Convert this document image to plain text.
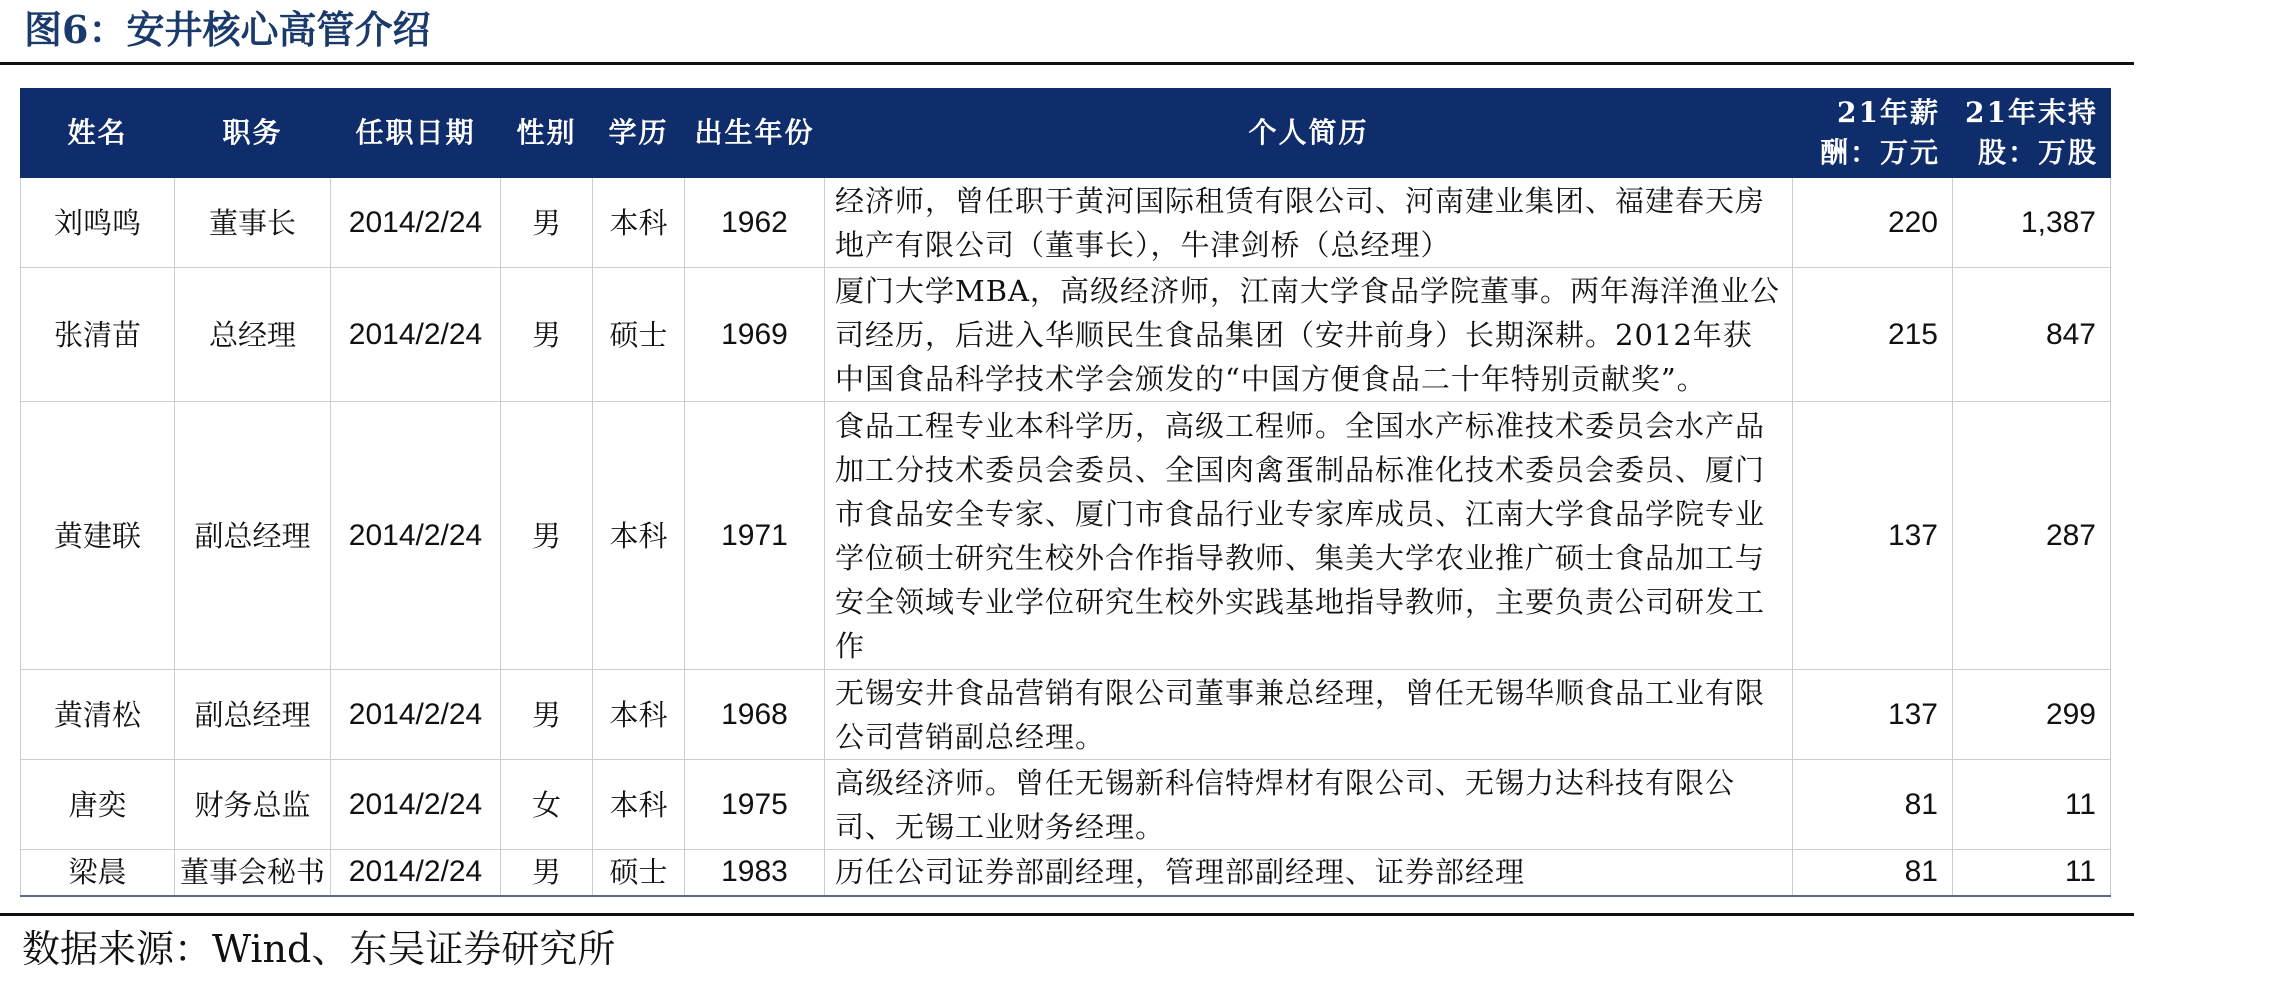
图6：安井核心高管介绍
姓名	职务	任职日期	性别	学历	出生年份	个人简历	21年薪酬：万元	21年末持股：万股
刘鸣鸣	董事长	2014/2/24	男	本科	1962	经济师，曾任职于黄河国际租赁有限公司、河南建业集团、福建春天房地产有限公司（董事长），牛津剑桥（总经理）	220	1,387
张清苗	总经理	2014/2/24	男	硕士	1969	厦门大学MBA，高级经济师，江南大学食品学院董事。两年海洋渔业公司经历，后进入华顺民生食品集团（安井前身）长期深耕。2012年获中国食品科学技术学会颁发的“中国方便食品二十年特别贡献奖”。	215	847
黄建联	副总经理	2014/2/24	男	本科	1971	食品工程专业本科学历，高级工程师。全国水产标准技术委员会水产品加工分技术委员会委员、全国肉禽蛋制品标准化技术委员会委员、厦门市食品安全专家、厦门市食品行业专家库成员、江南大学食品学院专业学位硕士研究生校外合作指导教师、集美大学农业推广硕士食品加工与安全领域专业学位研究生校外实践基地指导教师，主要负责公司研发工作	137	287
黄清松	副总经理	2014/2/24	男	本科	1968	无锡安井食品营销有限公司董事兼总经理，曾任无锡华顺食品工业有限公司营销副总经理。	137	299
唐奕	财务总监	2014/2/24	女	本科	1975	高级经济师。曾任无锡新科信特焊材有限公司、无锡力达科技有限公司、无锡工业财务经理。	81	11
梁晨	董事会秘书	2014/2/24	男	硕士	1983	历任公司证券部副经理，管理部副经理、证券部经理	81	11
数据来源：Wind、东吴证券研究所
